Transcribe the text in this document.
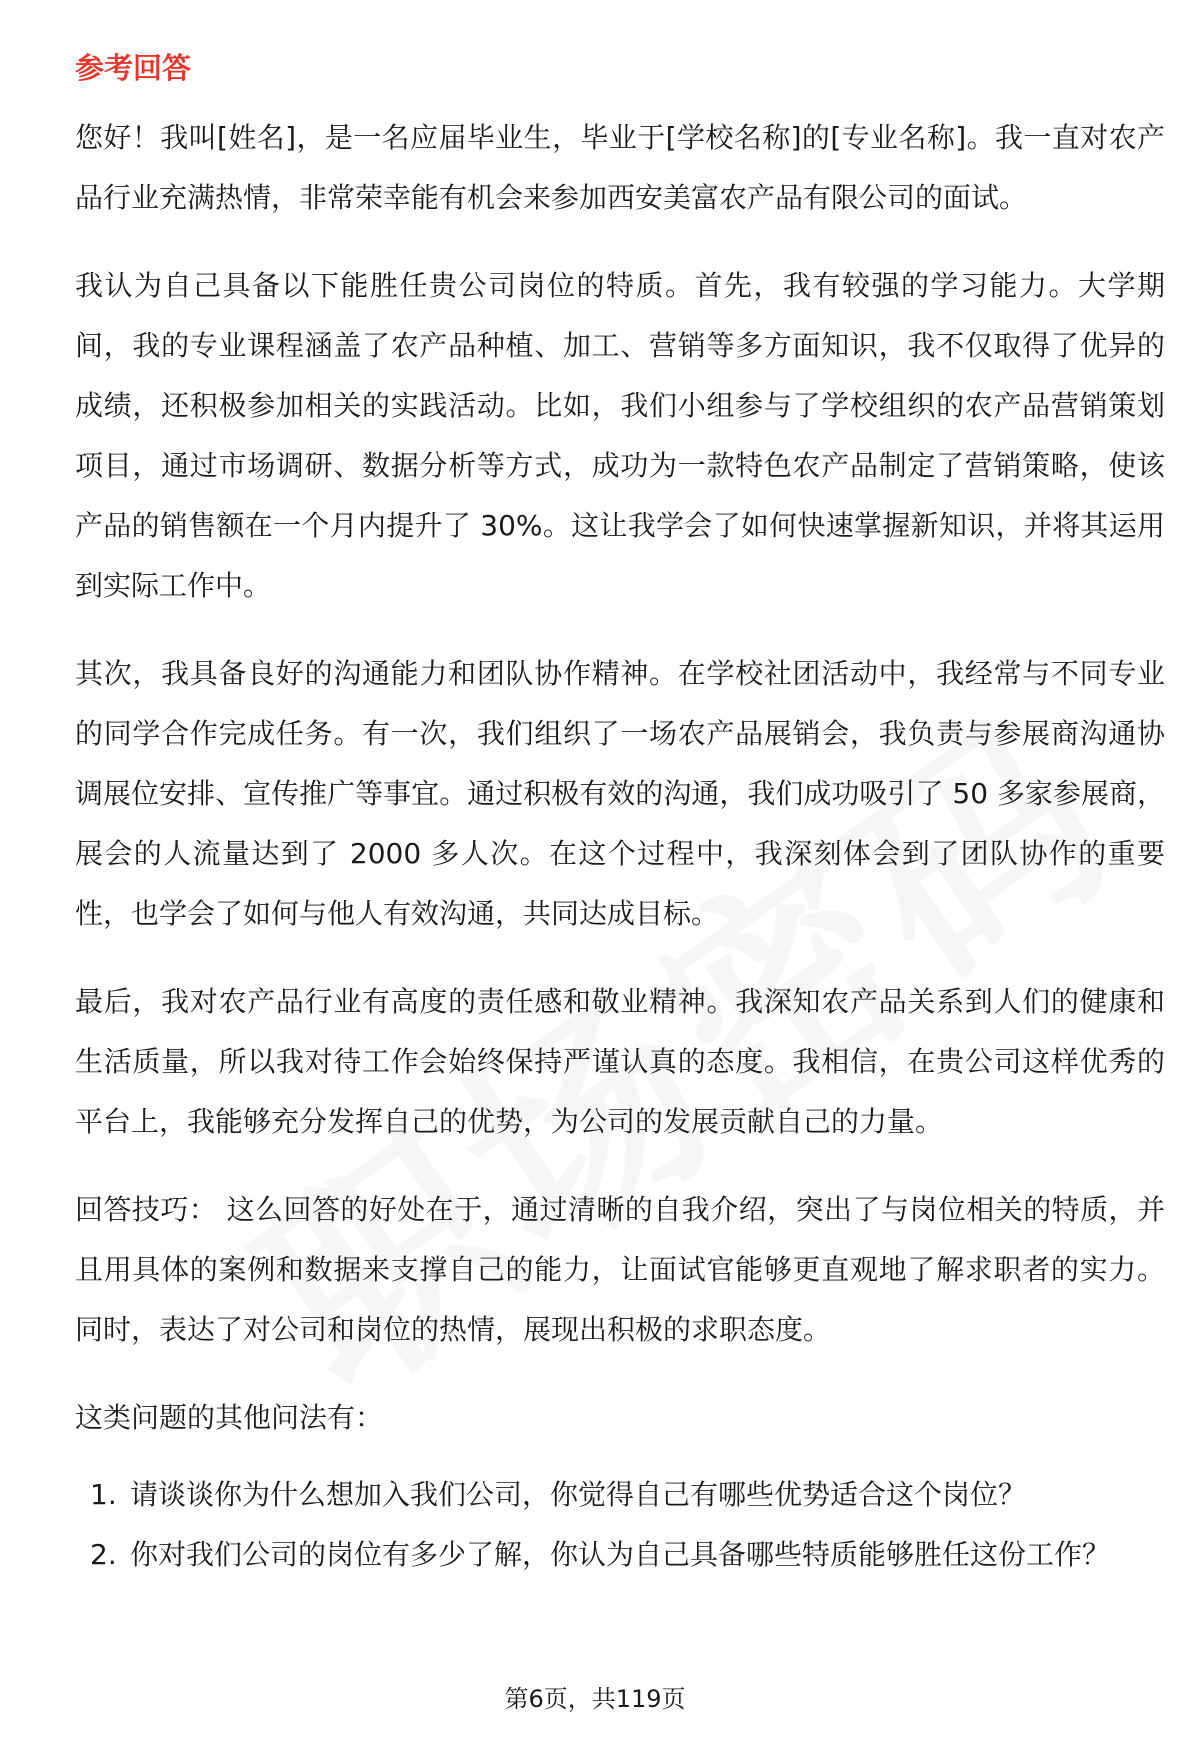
参考回答

您好！我叫[姓名]，是一名应届毕业生，毕业于[学校名称]的[专业名称]。我一直对农产品行业充满热情，非常荣幸能有机会来参加西安美富农产品有限公司的面试。

我认为自己具备以下能胜任贵公司岗位的特质。首先，我有较强的学习能力。大学期间，我的专业课程涵盖了农产品种植、加工、营销等多方面知识，我不仅取得了优异的成绩，还积极参加相关的实践活动。比如，我们小组参与了学校组织的农产品营销策划项目，通过市场调研、数据分析等方式，成功为一款特色农产品制定了营销策略，使该产品的销售额在一个月内提升了 30%。这让我学会了如何快速掌握新知识，并将其运用到实际工作中。

其次，我具备良好的沟通能力和团队协作精神。在学校社团活动中，我经常与不同专业的同学合作完成任务。有一次，我们组织了一场农产品展销会，我负责与参展商沟通协调展位安排、宣传推广等事宜。通过积极有效的沟通，我们成功吸引了 50 多家参展商，展会的人流量达到了 2000 多人次。在这个过程中，我深刻体会到了团队协作的重要性，也学会了如何与他人有效沟通，共同达成目标。

最后，我对农产品行业有高度的责任感和敬业精神。我深知农产品关系到人们的健康和生活质量，所以我对待工作会始终保持严谨认真的态度。我相信，在贵公司这样优秀的平台上，我能够充分发挥自己的优势，为公司的发展贡献自己的力量。

回答技巧： 这么回答的好处在于，通过清晰的自我介绍，突出了与岗位相关的特质，并且用具体的案例和数据来支撑自己的能力，让面试官能够更直观地了解求职者的实力。同时，表达了对公司和岗位的热情，展现出积极的求职态度。

这类问题的其他问法有：
1. 请谈谈你为什么想加入我们公司，你觉得自己有哪些优势适合这个岗位？
2. 你对我们公司的岗位有多少了解，你认为自己具备哪些特质能够胜任这份工作？
第6页，共119页
